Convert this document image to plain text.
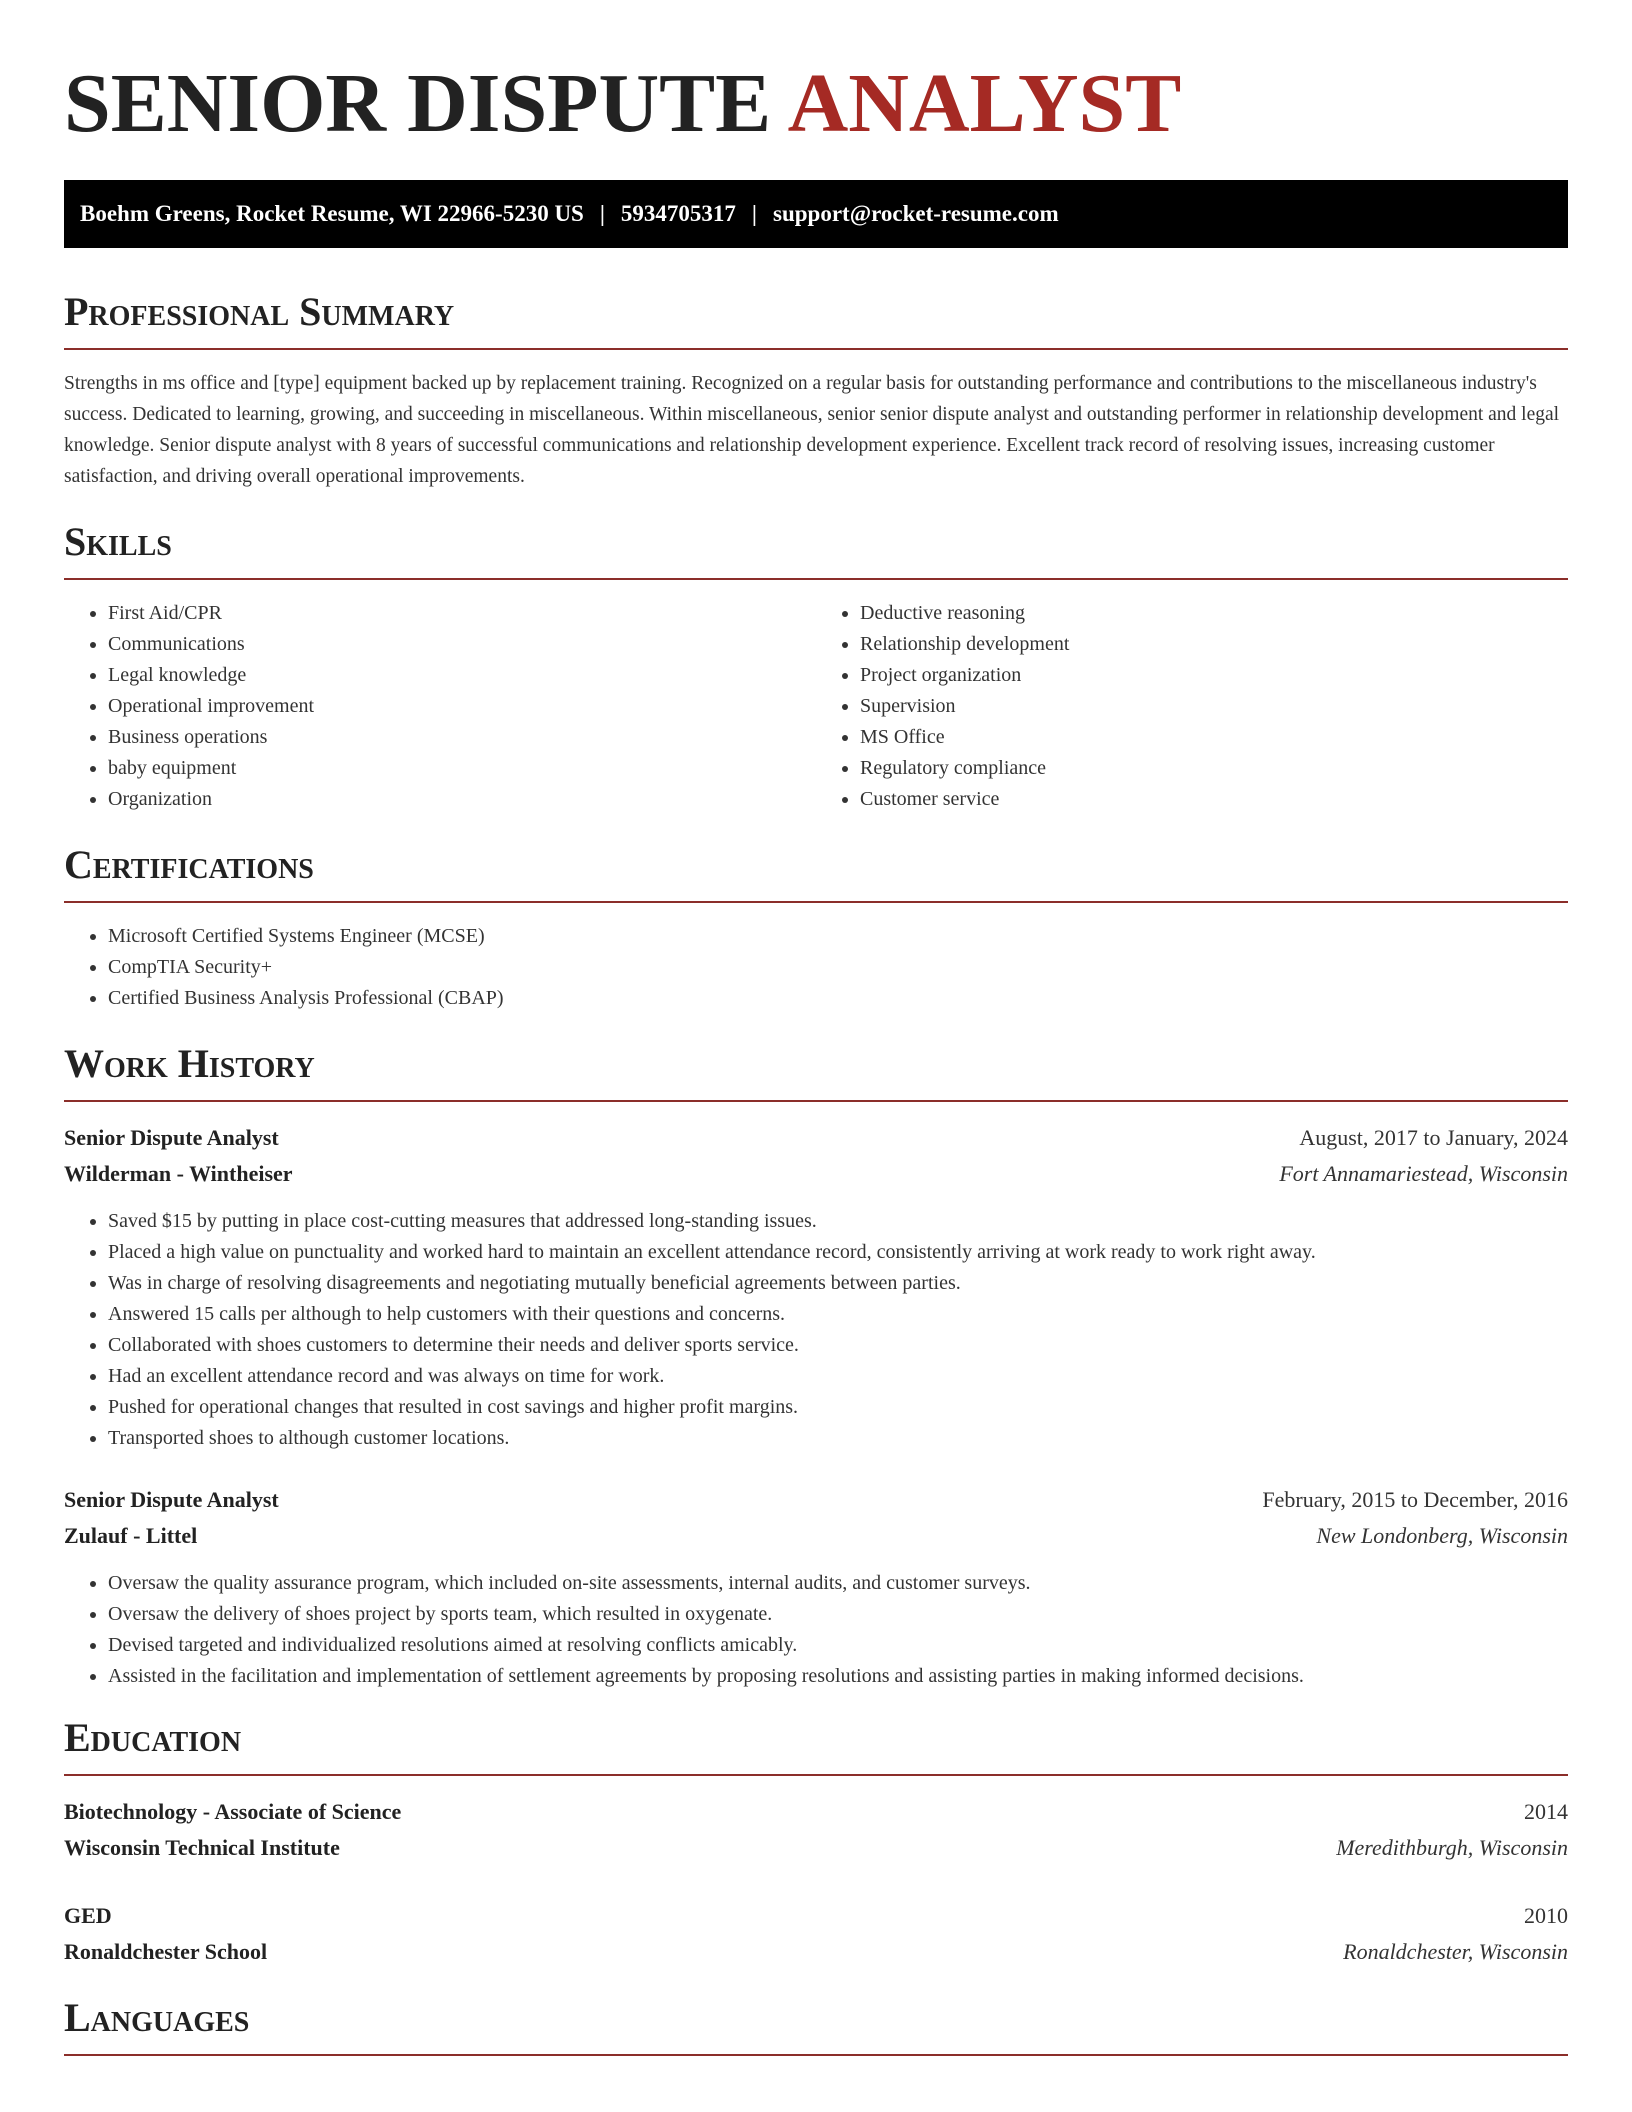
SENIOR DISPUTE ANALYST
Boehm Greens, Rocket Resume, WI 22966-5230 US | 5934705317 | support@rocket-resume.com
Professional Summary

Strengths in ms office and [type] equipment backed up by replacement training. Recognized on a regular basis for outstanding performance and contributions to the miscellaneous industry's success. Dedicated to learning, growing, and succeeding in miscellaneous. Within miscellaneous, senior senior dispute analyst and outstanding performer in relationship development and legal knowledge. Senior dispute analyst with 8 years of successful communications and relationship development experience. Excellent track record of resolving issues, increasing customer satisfaction, and driving overall operational improvements.

Skills
• First Aid/CPR
• Communications
• Legal knowledge
• Operational improvement
• Business operations
• baby equipment
• Organization
• Deductive reasoning
• Relationship development
• Project organization
• Supervision
• MS Office
• Regulatory compliance
• Customer service
Certifications
• Microsoft Certified Systems Engineer (MCSE)
• CompTIA Security+
• Certified Business Analysis Professional (CBAP)
Work History
Senior Dispute Analyst	August, 2017 to January, 2024
Wilderman - Wintheiser	Fort Annamariestead, Wisconsin
• Saved $15 by putting in place cost-cutting measures that addressed long-standing issues.
• Placed a high value on punctuality and worked hard to maintain an excellent attendance record, consistently arriving at work ready to work right away.
• Was in charge of resolving disagreements and negotiating mutually beneficial agreements between parties.
• Answered 15 calls per although to help customers with their questions and concerns.
• Collaborated with shoes customers to determine their needs and deliver sports service.
• Had an excellent attendance record and was always on time for work.
• Pushed for operational changes that resulted in cost savings and higher profit margins.
• Transported shoes to although customer locations.
Senior Dispute Analyst	February, 2015 to December, 2016
Zulauf - Littel	New Londonberg, Wisconsin
• Oversaw the quality assurance program, which included on-site assessments, internal audits, and customer surveys.
• Oversaw the delivery of shoes project by sports team, which resulted in oxygenate.
• Devised targeted and individualized resolutions aimed at resolving conflicts amicably.
• Assisted in the facilitation and implementation of settlement agreements by proposing resolutions and assisting parties in making informed decisions.
Education
Biotechnology - Associate of Science	2014
Wisconsin Technical Institute	Meredithburgh, Wisconsin
GED	2010
Ronaldchester School	Ronaldchester, Wisconsin
Languages
